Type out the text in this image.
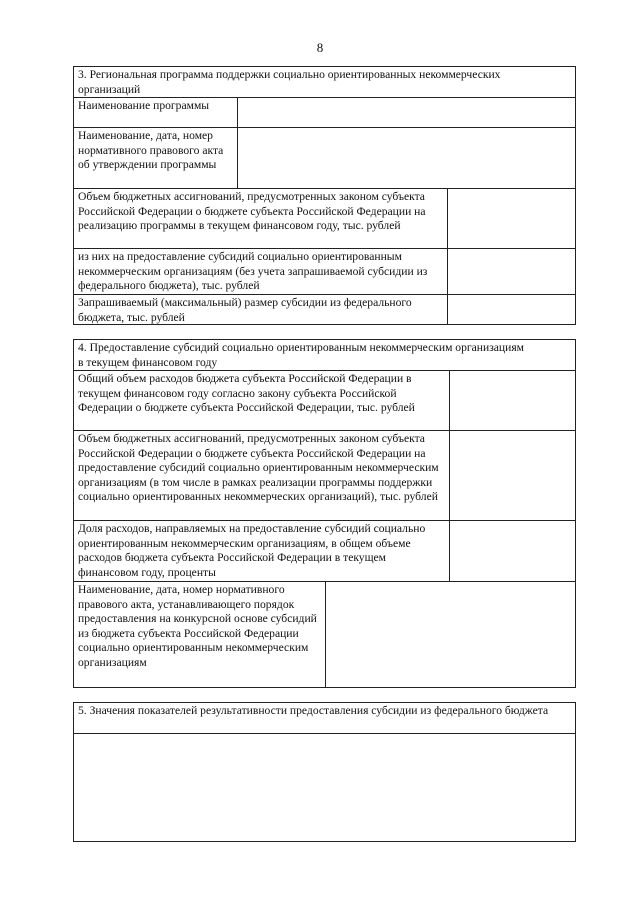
8
3. Региональная программа поддержки социально ориентированных некоммерческих организаций
Наименование программы
Наименование, дата, номер нормативного правового акта об утверждении программы
Объем бюджетных ассигнований, предусмотренных законом субъекта Российской Федерации о бюджете субъекта Российской Федерации на реализацию программы в текущем финансовом году, тыс. рублей
из них на предоставление субсидий социально ориентированным некоммерческим организациям (без учета запрашиваемой субсидии из федерального бюджета), тыс. рублей
Запрашиваемый (максимальный) размер субсидии из федерального бюджета, тыс. рублей
4. Предоставление субсидий социально ориентированным некоммерческим организациям в текущем финансовом году
Общий объем расходов бюджета субъекта Российской Федерации в текущем финансовом году согласно закону субъекта Российской Федерации о бюджете субъекта Российской Федерации, тыс. рублей
Объем бюджетных ассигнований, предусмотренных законом субъекта Российской Федерации о бюджете субъекта Российской Федерации на предоставление субсидий социально ориентированным некоммерческим организациям (в том числе в рамках реализации программы поддержки социально ориентированных некоммерческих организаций), тыс. рублей
Доля расходов, направляемых на предоставление субсидий социально ориентированным некоммерческим организациям, в общем объеме расходов бюджета субъекта Российской Федерации в текущем финансовом году, проценты
Наименование, дата, номер нормативного правового акта, устанавливающего порядок предоставления на конкурсной основе субсидий из бюджета субъекта Российской Федерации социально ориентированным некоммерческим организациям
5. Значения показателей результативности предоставления субсидии из федерального бюджета
